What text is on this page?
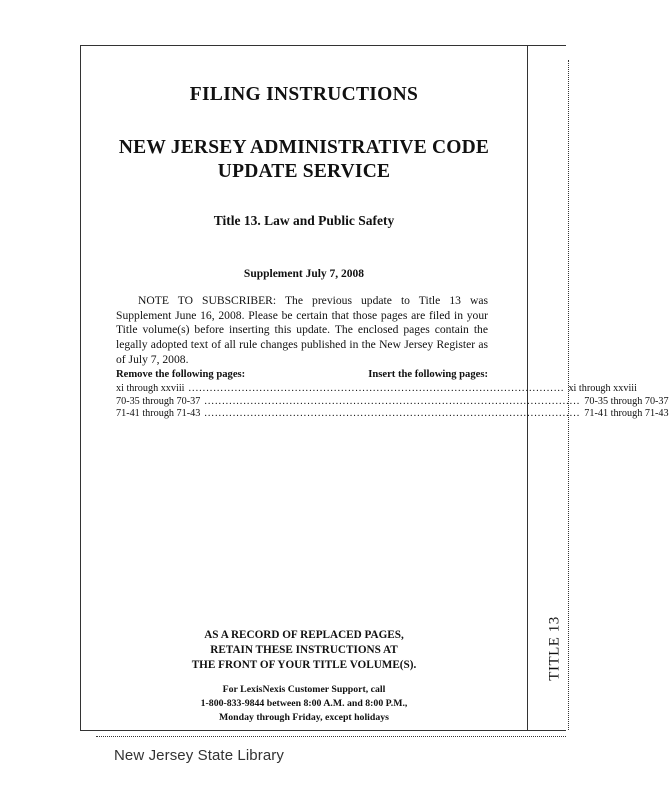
FILING INSTRUCTIONS
NEW JERSEY ADMINISTRATIVE CODE
UPDATE SERVICE
Title 13. Law and Public Safety
Supplement July 7, 2008
NOTE TO SUBSCRIBER: The previous update to Title 13 was Supplement June 16, 2008. Please be certain that those pages are filed in your Title volume(s) before inserting this update. The enclosed pages contain the legally adopted text of all rule changes published in the New Jersey Register as of July 7, 2008.
Remove the following pages:	Insert the following pages:
xi through xxviii .......................................................................................................... xi through xxviii
70-35 through 70-37 .......................................................................................................... 70-35 through 70-37
71-41 through 71-43 .......................................................................................................... 71-41 through 71-43
AS A RECORD OF REPLACED PAGES,
RETAIN THESE INSTRUCTIONS AT
THE FRONT OF YOUR TITLE VOLUME(S).
For LexisNexis Customer Support, call
1-800-833-9844 between 8:00 A.M. and 8:00 P.M.,
Monday through Friday, except holidays
TITLE 13
New Jersey State Library
